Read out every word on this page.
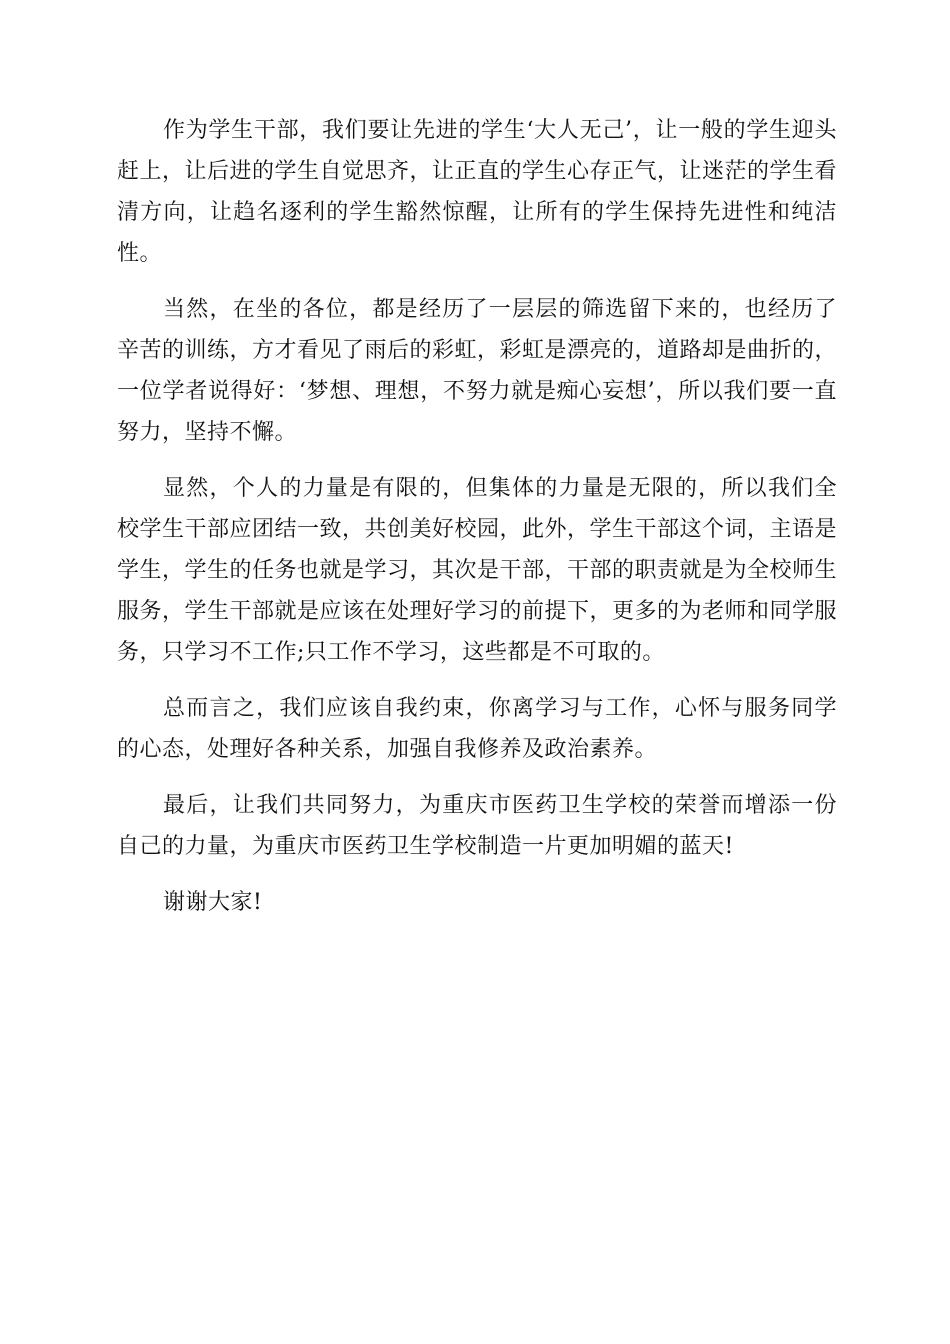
作为学生干部，我们要让先进的学生‘大人无己’，让一般的学生迎头赶上，让后进的学生自觉思齐，让正直的学生心存正气，让迷茫的学生看清方向，让趋名逐利的学生豁然惊醒，让所有的学生保持先进性和纯洁性。

当然，在坐的各位，都是经历了一层层的筛选留下来的，也经历了辛苦的训练，方才看见了雨后的彩虹，彩虹是漂亮的，道路却是曲折的，一位学者说得好：‘梦想、理想，不努力就是痴心妄想’，所以我们要一直努力，坚持不懈。

显然，个人的力量是有限的，但集体的力量是无限的，所以我们全校学生干部应团结一致，共创美好校园，此外，学生干部这个词，主语是学生，学生的任务也就是学习，其次是干部，干部的职责就是为全校师生服务，学生干部就是应该在处理好学习的前提下，更多的为老师和同学服务，只学习不工作;只工作不学习，这些都是不可取的。

总而言之，我们应该自我约束，你离学习与工作，心怀与服务同学的心态，处理好各种关系，加强自我修养及政治素养。

最后，让我们共同努力，为重庆市医药卫生学校的荣誉而增添一份自己的力量，为重庆市医药卫生学校制造一片更加明媚的蓝天!

谢谢大家!
